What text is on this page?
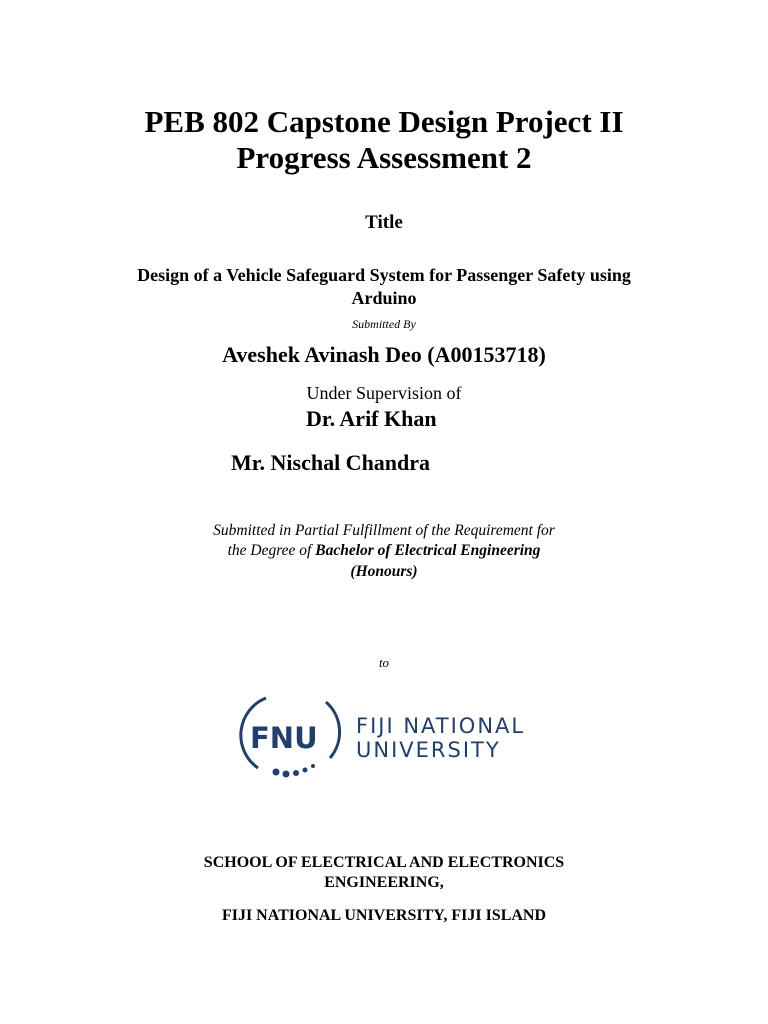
PEB 802 Capstone Design Project II
Progress Assessment 2
Title
Design of a Vehicle Safeguard System for Passenger Safety using
Arduino
Submitted By
Aveshek Avinash Deo (A00153718)
Under Supervision of
Dr. Arif Khan
Mr. Nischal Chandra
Submitted in Partial Fulfillment of the Requirement for
the Degree of Bachelor of Electrical Engineering
(Honours)
to
FNU FIJI NATIONAL
UNIVERSITY
SCHOOL OF ELECTRICAL AND ELECTRONICS
ENGINEERING,
FIJI NATIONAL UNIVERSITY, FIJI ISLAND
